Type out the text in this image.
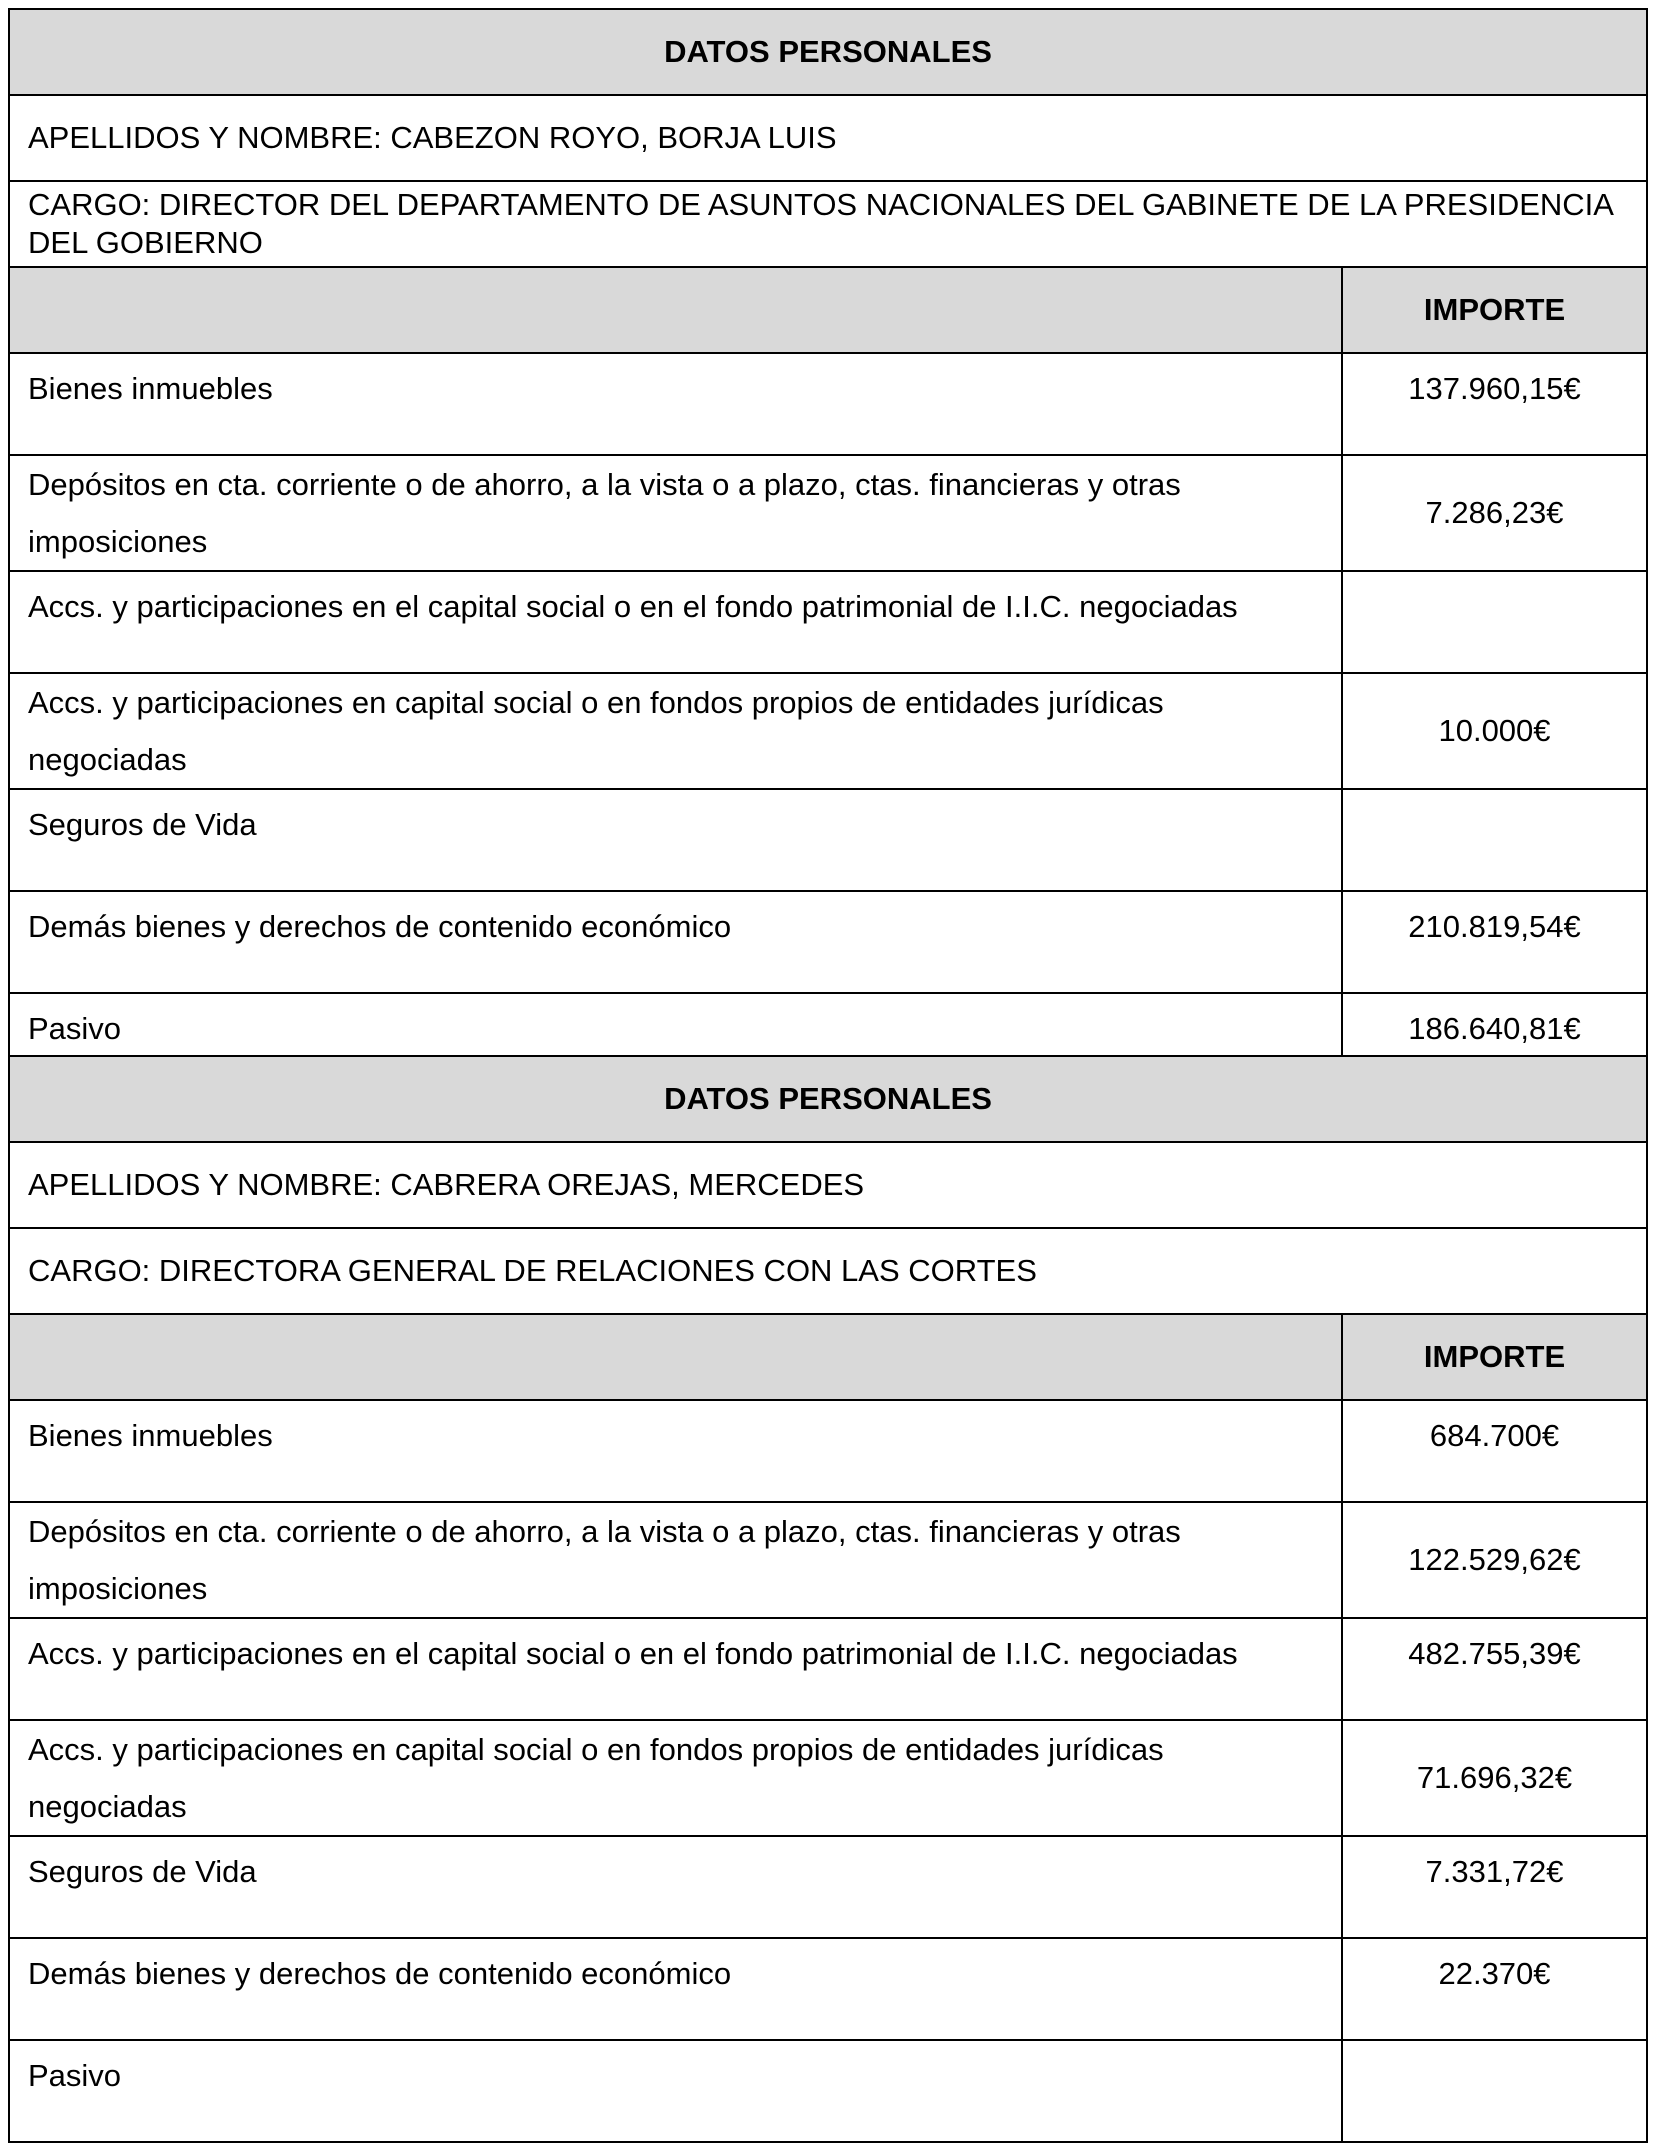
DATOS PERSONALES	
APELLIDOS Y NOMBRE: CABEZON ROYO, BORJA LUIS	
CARGO: DIRECTOR DEL DEPARTAMENTO DE ASUNTOS NACIONALES DEL GABINETE DE LA PRESIDENCIA DEL GOBIERNO	
	IMPORTE
Bienes inmuebles	137.960,15€
Depósitos en cta. corriente o de ahorro, a la vista o a plazo, ctas. financieras y otras imposiciones	7.286,23€
Accs. y participaciones en el capital social o en el fondo patrimonial de I.I.C. negociadas	
Accs. y participaciones en capital social o en fondos propios de entidades jurídicas negociadas	10.000€
Seguros de Vida	
Demás bienes y derechos de contenido económico	210.819,54€
Pasivo	186.640,81€
DATOS PERSONALES	
APELLIDOS Y NOMBRE: CABRERA OREJAS, MERCEDES	
CARGO: DIRECTORA GENERAL DE RELACIONES CON LAS CORTES	
	IMPORTE
Bienes inmuebles	684.700€
Depósitos en cta. corriente o de ahorro, a la vista o a plazo, ctas. financieras y otras imposiciones	122.529,62€
Accs. y participaciones en el capital social o en el fondo patrimonial de I.I.C. negociadas	482.755,39€
Accs. y participaciones en capital social o en fondos propios de entidades jurídicas negociadas	71.696,32€
Seguros de Vida	7.331,72€
Demás bienes y derechos de contenido económico	22.370€
Pasivo	
